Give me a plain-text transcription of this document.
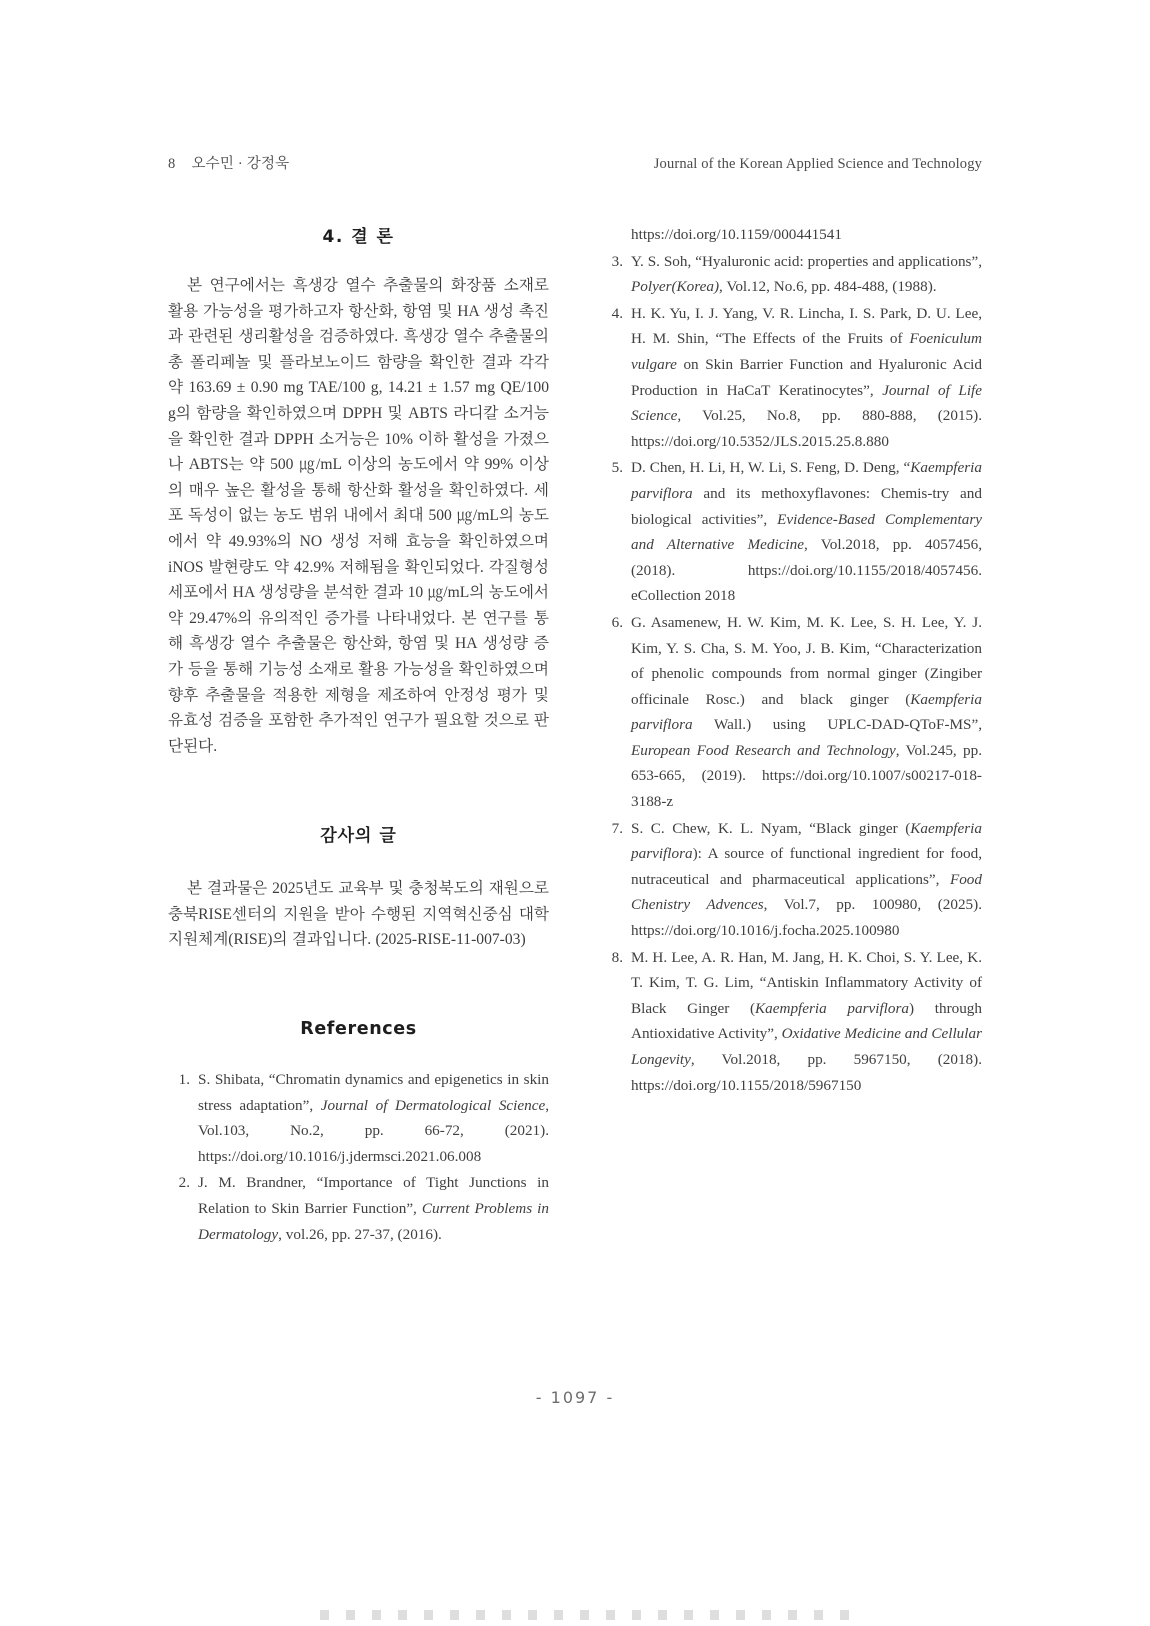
8 오수민 · 강정욱	Journal of the Korean Applied Science and Technology
4. 결 론

본 연구에서는 흑생강 열수 추출물의 화장품 소재로 활용 가능성을 평가하고자 항산화, 항염 및 HA 생성 촉진과 관련된 생리활성을 검증하였다. 흑생강 열수 추출물의 총 폴리페놀 및 플라보노이드 함량을 확인한 결과 각각 약 163.69 ± 0.90 mg TAE/100 g, 14.21 ± 1.57 mg QE/100 g의 함량을 확인하였으며 DPPH 및 ABTS 라디칼 소거능을 확인한 결과 DPPH 소거능은 10% 이하 활성을 가졌으나 ABTS는 약 500 ㎍/mL 이상의 농도에서 약 99% 이상의 매우 높은 활성을 통해 항산화 활성을 확인하였다. 세포 독성이 없는 농도 범위 내에서 최대 500 ㎍/mL의 농도에서 약 49.93%의 NO 생성 저해 효능을 확인하였으며 iNOS 발현량도 약 42.9% 저해됨을 확인되었다. 각질형성세포에서 HA 생성량을 분석한 결과 10 ㎍/mL의 농도에서 약 29.47%의 유의적인 증가를 나타내었다. 본 연구를 통해 흑생강 열수 추출물은 항산화, 항염 및 HA 생성량 증가 등을 통해 기능성 소재로 활용 가능성을 확인하였으며 향후 추출물을 적용한 제형을 제조하여 안정성 평가 및 유효성 검증을 포함한 추가적인 연구가 필요할 것으로 판단된다.

감사의 글

본 결과물은 2025년도 교육부 및 충청북도의 재원으로 충북RISE센터의 지원을 받아 수행된 지역혁신중심 대학지원체계(RISE)의 결과입니다. (2025-RISE-11-007-03)

References
1. S. Shibata, “Chromatin dynamics and epigenetics in skin stress adaptation”, Journal of Dermatological Science, Vol.103, No.2, pp. 66-72, (2021). https://doi.org/10.1016/j.jdermsci.2021.06.008
2. J. M. Brandner, “Importance of Tight Junctions in Relation to Skin Barrier Function”, Current Problems in Dermatology, vol.26, pp. 27-37, (2016).

https://doi.org/10.1159/000441541

3. Y. S. Soh, “Hyaluronic acid: properties and applications”, Polyer(Korea), Vol.12, No.6, pp. 484-488, (1988).
4. H. K. Yu, I. J. Yang, V. R. Lincha, I. S. Park, D. U. Lee, H. M. Shin, “The Effects of the Fruits of Foeniculum vulgare on Skin Barrier Function and Hyaluronic Acid Production in HaCaT Keratinocytes”, Journal of Life Science, Vol.25, No.8, pp. 880-888, (2015). https://doi.org/10.5352/JLS.2015.25.8.880
5. D. Chen, H. Li, H, W. Li, S. Feng, D. Deng, “Kaempferia parviflora and its methoxyflavones: Chemis-try and biological activities”, Evidence-Based Complementary and Alternative Medicine, Vol.2018, pp. 4057456, (2018). https://doi.org/10.1155/2018/4057456. eCollection 2018
6. G. Asamenew, H. W. Kim, M. K. Lee, S. H. Lee, Y. J. Kim, Y. S. Cha, S. M. Yoo, J. B. Kim, “Characterization of phenolic compounds from normal ginger (Zingiber officinale Rosc.) and black ginger (Kaempferia parviflora Wall.) using UPLC-DAD-QToF-MS”, European Food Research and Technology, Vol.245, pp. 653-665, (2019). https://doi.org/10.1007/s00217-018-3188-z
7. S. C. Chew, K. L. Nyam, “Black ginger (Kaempferia parviflora): A source of functional ingredient for food, nutraceutical and pharmaceutical applications”, Food Chenistry Advences, Vol.7, pp. 100980, (2025). https://doi.org/10.1016/j.focha.2025.100980
8. M. H. Lee, A. R. Han, M. Jang, H. K. Choi, S. Y. Lee, K. T. Kim, T. G. Lim, “Antiskin Inflammatory Activity of Black Ginger (Kaempferia parviflora) through Antioxidative Activity”, Oxidative Medicine and Cellular Longevity, Vol.2018, pp. 5967150, (2018). https://doi.org/10.1155/2018/5967150
- 1097 -
